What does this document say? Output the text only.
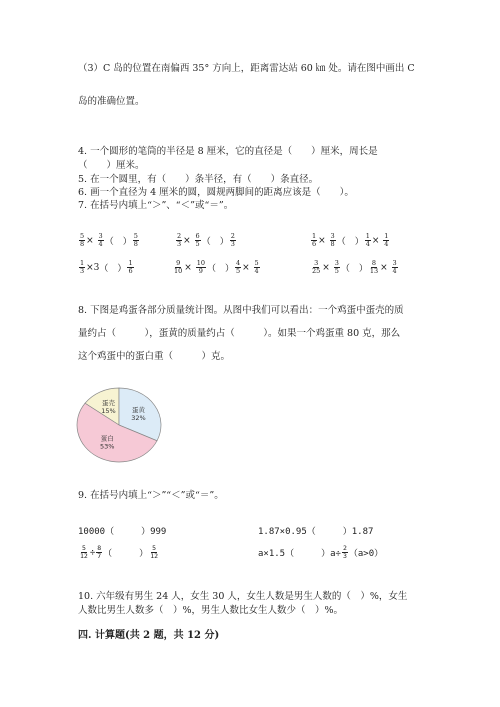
（3）C 岛的位置在南偏西 35° 方向上，距离雷达站 60 ㎞ 处。请在图中画出 C
岛的准确位置。
4. 一个圆形的笔筒的半径是 8 厘米，它的直径是（　　）厘米，周长是
（　　）厘米。
5. 在一个圆里，有（　　）条半径，有（　　）条直径。
6. 画一个直径为 4 厘米的圆，圆规两脚间的距离应该是（　　）。
7. 在括号内填上“＞”、“＜”或“＝”。
$\frac{5}{8} \times \frac{3}{4}$ （　） $\frac{5}{8}$	$\frac{2}{3} \times \frac{6}{5}$ （　） $\frac{2}{3}$	$\frac{1}{6} \times \frac{3}{8}$ （　） $\frac{1}{4} \times \frac{1}{4}$
$\frac{1}{3} \times 3$ （　） $\frac{1}{6}$	$\frac{9}{10} \times \frac{10}{9}$ （　） $\frac{4}{5} \times \frac{5}{4}$	$\frac{3}{25} \times \frac{3}{5}$ （　） $\frac{8}{13} \times \frac{3}{4}$
8. 下图是鸡蛋各部分质量统计图。从图中我们可以看出：一个鸡蛋中蛋壳的质
量约占（　　　），蛋黄的质量约占（　　　）。如果一个鸡蛋重 80 克，那么
这个鸡蛋中的蛋白重（　　　）克。
蛋壳
15%	蛋黄
32%
蛋白
53%
9. 在括号内填上“＞”“＜”或“＝”。
10000（　　　）999	1.87×0.95（　　　）1.87
$\frac{5}{12} \div \frac{8}{7}$ （　　　） $\frac{5}{12}$	a×1.5（　　　）$a\div \frac{2}{3} (a>0)$
10. 六年级有男生 24 人，女生 30 人，女生人数是男生人数的（　）%，女生
人数比男生人数多（　）%，男生人数比女生人数少（　）%。
四. 计算题(共 2 题，共 12 分)
